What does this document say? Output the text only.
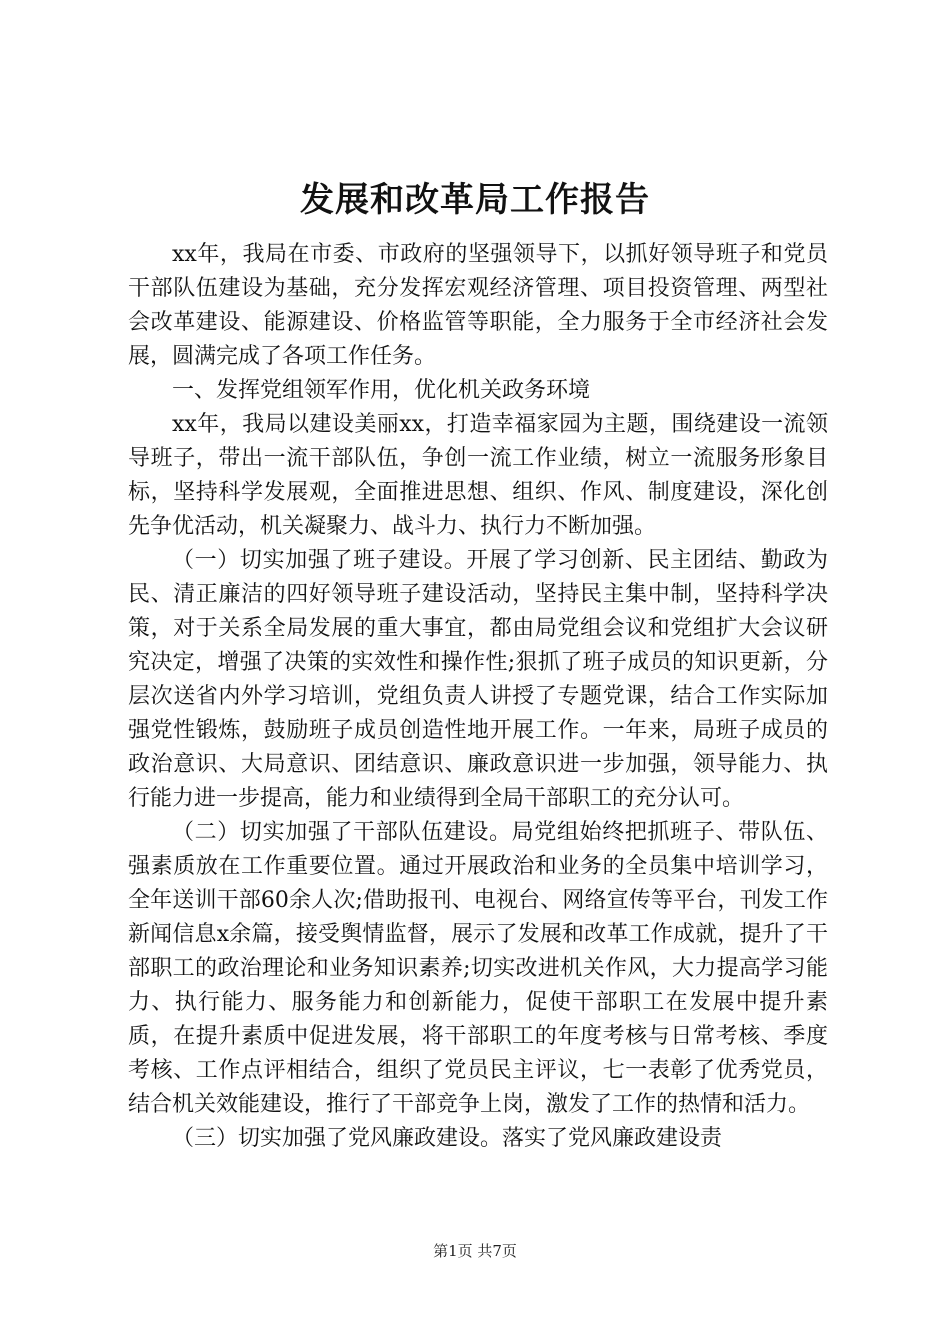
发展和改革局工作报告

xx年，我局在市委、市政府的坚强领导下，以抓好领导班子和党员干部队伍建设为基础，充分发挥宏观经济管理、项目投资管理、两型社会改革建设、能源建设、价格监管等职能，全力服务于全市经济社会发展，圆满完成了各项工作任务。

一、发挥党组领军作用，优化机关政务环境

xx年，我局以建设美丽xx，打造幸福家园为主题，围绕建设一流领导班子，带出一流干部队伍，争创一流工作业绩，树立一流服务形象目标，坚持科学发展观，全面推进思想、组织、作风、制度建设，深化创先争优活动，机关凝聚力、战斗力、执行力不断加强。

（一）切实加强了班子建设。开展了学习创新、民主团结、勤政为民、清正廉洁的四好领导班子建设活动，坚持民主集中制，坚持科学决策，对于关系全局发展的重大事宜，都由局党组会议和党组扩大会议研究决定，增强了决策的实效性和操作性;狠抓了班子成员的知识更新，分层次送省内外学习培训，党组负责人讲授了专题党课，结合工作实际加强党性锻炼，鼓励班子成员创造性地开展工作。一年来，局班子成员的政治意识、大局意识、团结意识、廉政意识进一步加强，领导能力、执行能力进一步提高，能力和业绩得到全局干部职工的充分认可。

（二）切实加强了干部队伍建设。局党组始终把抓班子、带队伍、强素质放在工作重要位置。通过开展政治和业务的全员集中培训学习，全年送训干部60余人次;借助报刊、电视台、网络宣传等平台，刊发工作新闻信息x余篇，接受舆情监督，展示了发展和改革工作成就，提升了干部职工的政治理论和业务知识素养;切实改进机关作风，大力提高学习能力、执行能力、服务能力和创新能力，促使干部职工在发展中提升素质，在提升素质中促进发展，将干部职工的年度考核与日常考核、季度考核、工作点评相结合，组织了党员民主评议，七一表彰了优秀党员，结合机关效能建设，推行了干部竞争上岗，激发了工作的热情和活力。

（三）切实加强了党风廉政建设。落实了党风廉政建设责

第1页 共7页
